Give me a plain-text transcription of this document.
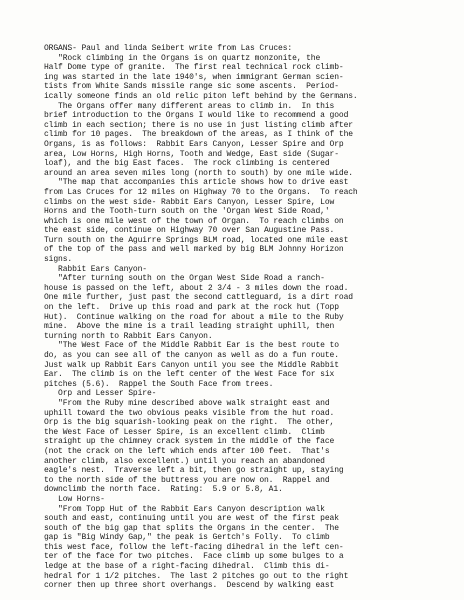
ORGANS- Paul and linda Seibert write from Las Cruces:
"Rock climbing in the Organs is on quartz monzonite, the
Half Dome type of granite.  The first real technical rock climb-
ing was started in the late 1940's, when immigrant German scien-
tists from White Sands missile range sic some ascents.  Period-
ically someone finds an old relic piton left behind by the Germans.
The Organs offer many different areas to climb in.  In this
brief introduction to the Organs I would like to recommend a good
climb in each section; there is no use in just listing climb after
climb for 10 pages.  The breakdown of the areas, as I think of the
Organs, is as follows:  Rabbit Ears Canyon, Lesser Spire and Orp
area, Low Horns, High Horns, Tooth and Wedge, East side (Sugar-
loaf), and the big East faces.  The rock climbing is centered
around an area seven miles long (north to south) by one mile wide.
"The map that accompanies this article shows how to drive east
from Las Cruces for 12 miles on Highway 70 to the Organs.  To reach
climbs on the west side- Rabbit Ears Canyon, Lesser Spire, Low
Horns and the Tooth-turn south on the 'Organ West Side Road,'
which is one mile west of the town of Organ.  To reach climbs on
the east side, continue on Highway 70 over San Augustine Pass.
Turn south on the Aguirre Springs BLM road, located one mile east
of the top of the pass and well marked by big BLM Johnny Horizon
signs.
Rabbit Ears Canyon-
"After turning south on the Organ West Side Road a ranch-
house is passed on the left, about 2 3/4 - 3 miles down the road.
One mile further, just past the second cattleguard, is a dirt road
on the left.  Drive up this road and park at the rock hut (Topp
Hut).  Continue walking on the road for about a mile to the Ruby
mine.  Above the mine is a trail leading straight uphill, then
turning north to Rabbit Ears Canyon.
"The West Face of the Middle Rabbit Ear is the best route to
do, as you can see all of the canyon as well as do a fun route.
Just walk up Rabbit Ears Canyon until you see the Middle Rabbit
Ear.  The climb is on the left center of the West Face for six
pitches (5.6).  Rappel the South Face from trees.
Orp and Lesser Spire-
"From the Ruby mine described above walk straight east and
uphill toward the two obvious peaks visible from the hut road.
Orp is the big squarish-looking peak on the right.  The other,
the West Face of Lesser Spire, is an excellent climb.  Climb
straight up the chimney crack system in the middle of the face
(not the crack on the left which ends after 100 feet.  That's
another climb, also excellent.) until you reach an abandoned
eagle's nest.  Traverse left a bit, then go straight up, staying
to the north side of the buttress you are now on.  Rappel and
downclimb the north face.  Rating:  5.9 or 5.8, A1.
Low Horns-
"From Topp Hut of the Rabbit Ears Canyon description walk
south and east, continuing until you are west of the first peak
south of the big gap that splits the Organs in the center.  The
gap is "Big Windy Gap," the peak is Gertch's Folly.  To climb
this west face, follow the left-facing dihedral in the left cen-
ter of the face for two pitches.  Face climb up some bulges to a
ledge at the base of a right-facing dihedral.  Climb this di-
hedral for 1 1/2 pitches.  The last 2 pitches go out to the right
corner then up three short overhangs.  Descend by walking east
